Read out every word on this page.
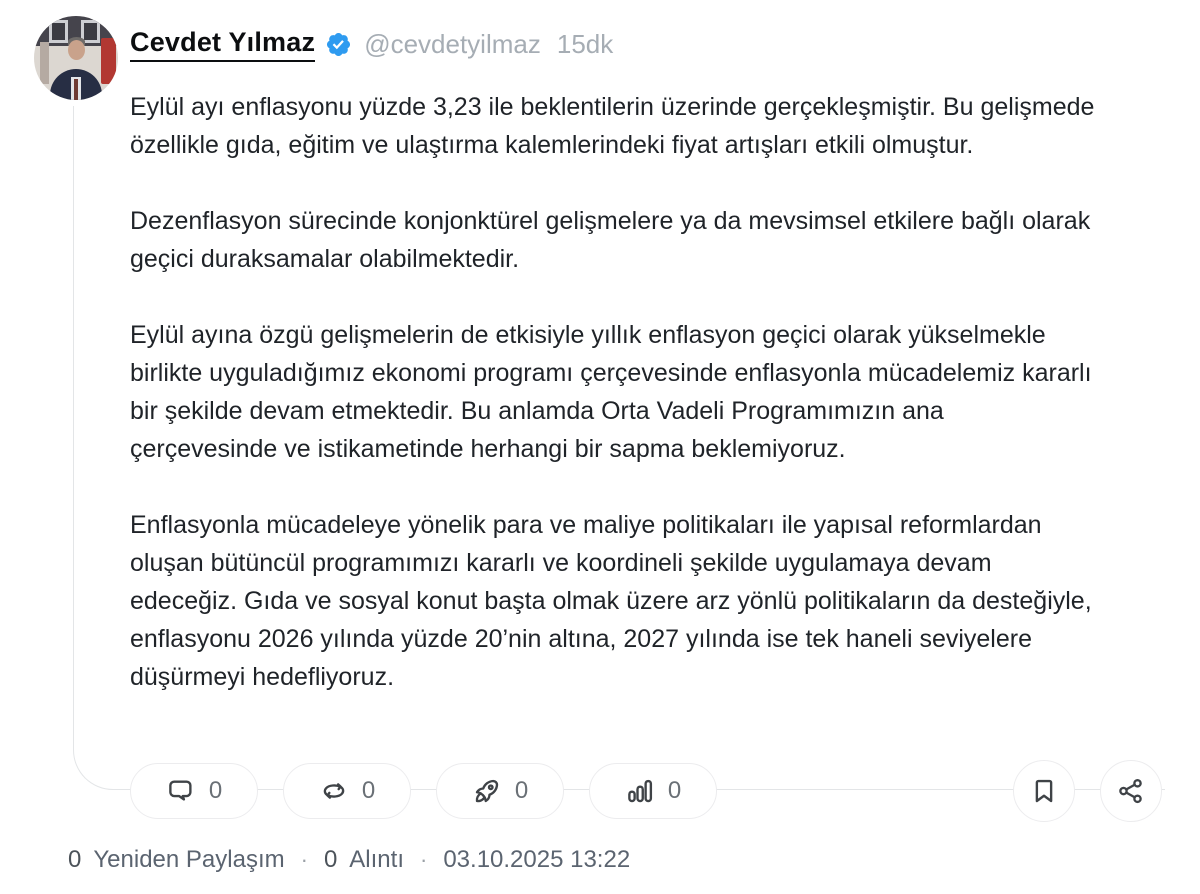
Cevdet Yılmaz @cevdetyilmaz 15dk

Eylül ayı enflasyonu yüzde 3,23 ile beklentilerin üzerinde gerçekleşmiştir. Bu gelişmede özellikle gıda, eğitim ve ulaştırma kalemlerindeki fiyat artışları etkili olmuştur.

Dezenflasyon sürecinde konjonktürel gelişmelere ya da mevsimsel etkilere bağlı olarak geçici duraksamalar olabilmektedir.

Eylül ayına özgü gelişmelerin de etkisiyle yıllık enflasyon geçici olarak yükselmekle birlikte uyguladığımız ekonomi programı çerçevesinde enflasyonla mücadelemiz kararlı bir şekilde devam etmektedir. Bu anlamda Orta Vadeli Programımızın ana çerçevesinde ve istikametinde herhangi bir sapma beklemiyoruz.

Enflasyonla mücadeleye yönelik para ve maliye politikaları ile yapısal reformlardan oluşan bütüncül programımızı kararlı ve koordineli şekilde uygulamaya devam edeceğiz. Gıda ve sosyal konut başta olmak üzere arz yönlü politikaların da desteğiyle, enflasyonu 2026 yılında yüzde 20’nin altına, 2027 yılında ise tek haneli seviyelere düşürmeyi hedefliyoruz.

0	0	0	0
0 Yeniden Paylaşım · 0 Alıntı · 03.10.2025 13:22
